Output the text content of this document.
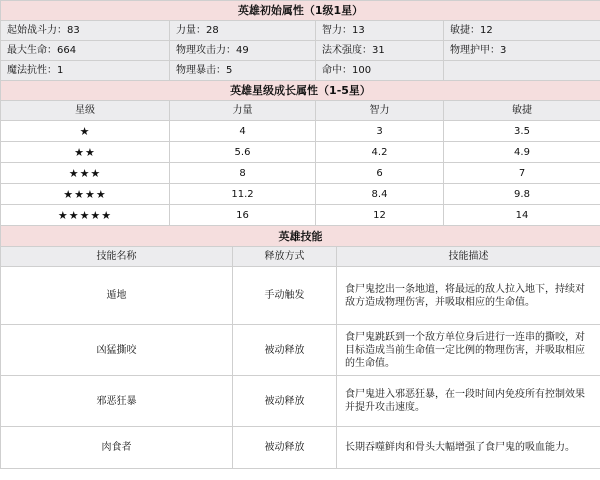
英雄初始属性（1级1星）			
起始战斗力：83	力量：28	智力：13	敏捷：12
最大生命：664	物理攻击力：49	法术强度：31	物理护甲：3
魔法抗性：1	物理暴击：5	命中：100	
英雄星级成长属性（1-5星）			
星级	力量	智力	敏捷
★	4	3	3.5
★★	5.6	4.2	4.9
★★★	8	6	7
★★★★	11.2	8.4	9.8
★★★★★	16	12	14
英雄技能		
技能名称	释放方式	技能描述
遁地	手动触发	食尸鬼挖出一条地道，将最远的敌人拉入地下，持续对敌方造成物理伤害，并吸取相应的生命值。
凶猛撕咬	被动释放	食尸鬼跳跃到一个敌方单位身后进行一连串的撕咬，对目标造成当前生命值一定比例的物理伤害，并吸取相应的生命值。
邪恶狂暴	被动释放	食尸鬼进入邪恶狂暴，在一段时间内免疫所有控制效果并提升攻击速度。
肉食者	被动释放	长期吞噬鲜肉和骨头大幅增强了食尸鬼的吸血能力。
